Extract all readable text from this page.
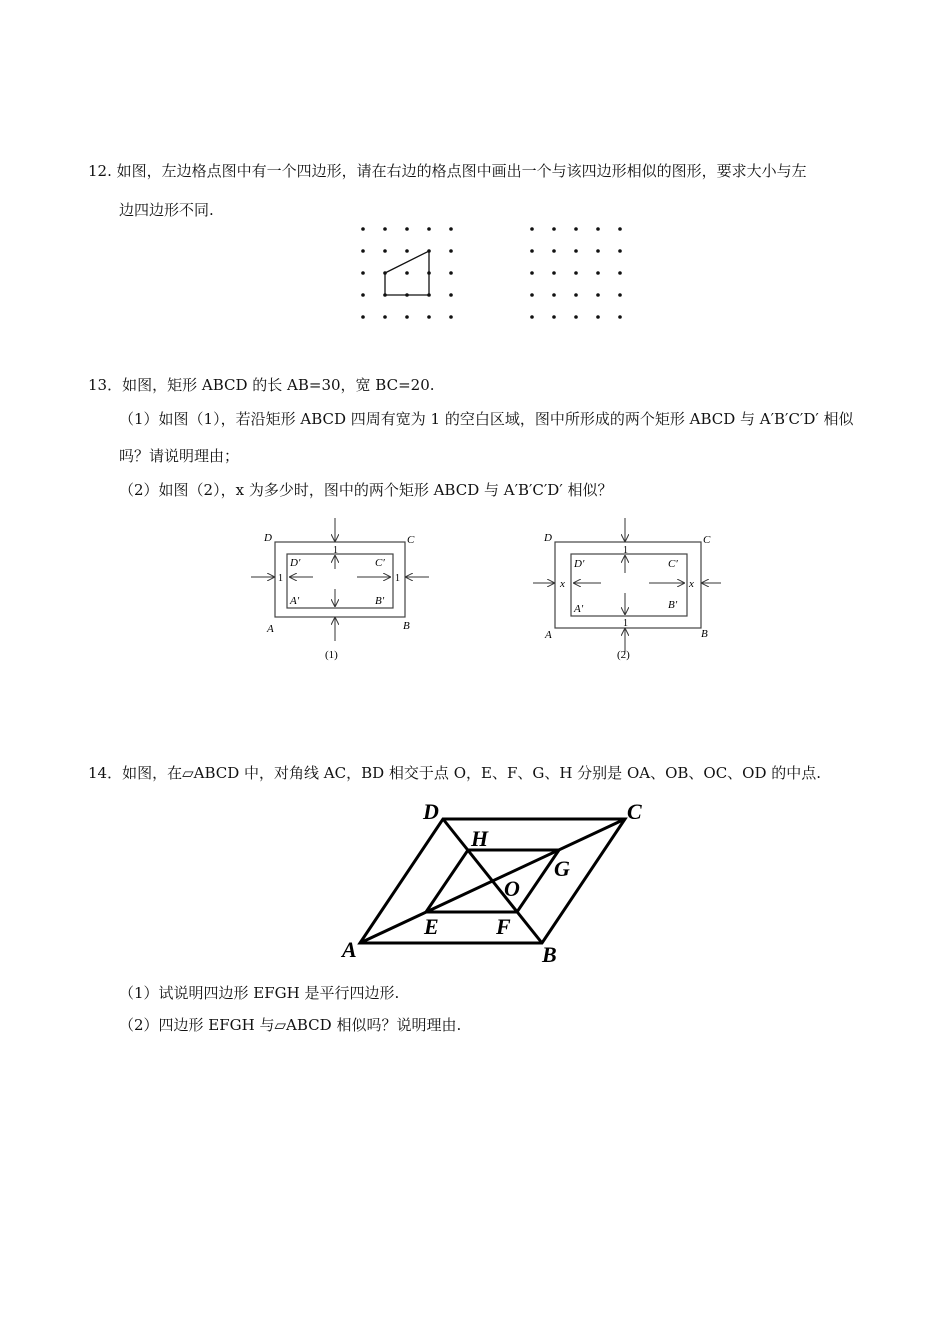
12. 如图，左边格点图中有一个四边形，请在右边的格点图中画出一个与该四边形相似的图形，要求大小与左
边四边形不同.
13．如图，矩形 ABCD 的长 AB=30，宽 BC=20.
（1）如图（1），若沿矩形 ABCD 四周有宽为 1 的空白区域，图中所形成的两个矩形 ABCD 与 A′B′C′D′ 相似
吗？请说明理由；
（2）如图（2），x 为多少时，图中的两个矩形 ABCD 与 A′B′C′D′ 相似？
D	C
A	B
D′	C′
A′	B′
1
1	1
(1)
D	C
A	B
D′	C′
A′	B′
1
1
x	x
(2)
14．如图，在▱ABCD 中，对角线 AC，BD 相交于点 O，E、F、G、H 分别是 OA、OB、OC、OD 的中点.
A	B
C
D
E	F
G
H
O
（1）试说明四边形 EFGH 是平行四边形.
（2）四边形 EFGH 与▱ABCD 相似吗？说明理由.
